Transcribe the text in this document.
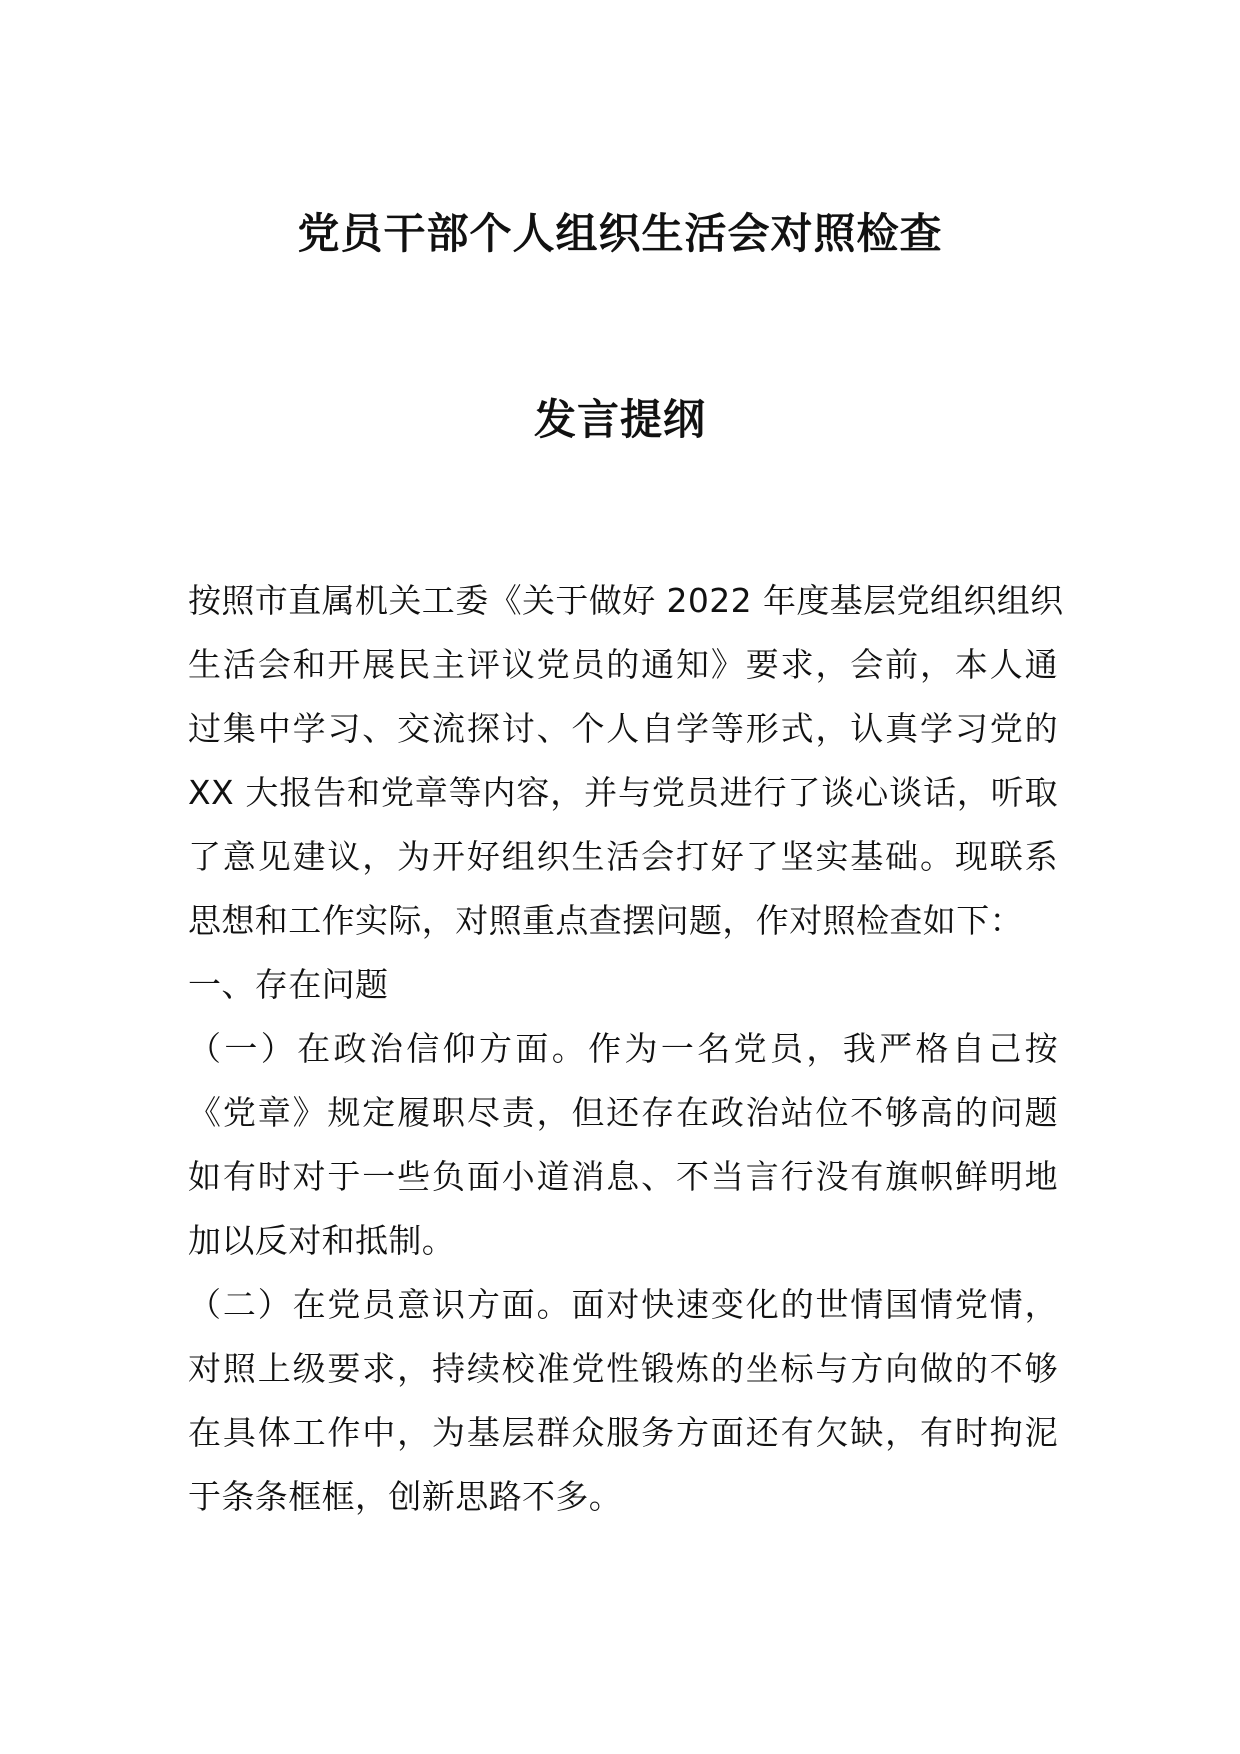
党员干部个人组织生活会对照检查
发言提纲
按照市直属机关工委《关于做好 2022 年度基层党组织组织
生活会和开展民主评议党员的通知》要求，会前，本人通
过集中学习、交流探讨、个人自学等形式，认真学习党的
XX 大报告和党章等内容，并与党员进行了谈心谈话，听取
了意见建议，为开好组织生活会打好了坚实基础。现联系
思想和工作实际，对照重点查摆问题，作对照检查如下：
一、存在问题
（一）在政治信仰方面。作为一名党员，我严格自己按
《党章》规定履职尽责，但还存在政治站位不够高的问题
如有时对于一些负面小道消息、不当言行没有旗帜鲜明地
加以反对和抵制。
（二）在党员意识方面。面对快速变化的世情国情党情，
对照上级要求，持续校准党性锻炼的坐标与方向做的不够
在具体工作中，为基层群众服务方面还有欠缺，有时拘泥
于条条框框，创新思路不多。
